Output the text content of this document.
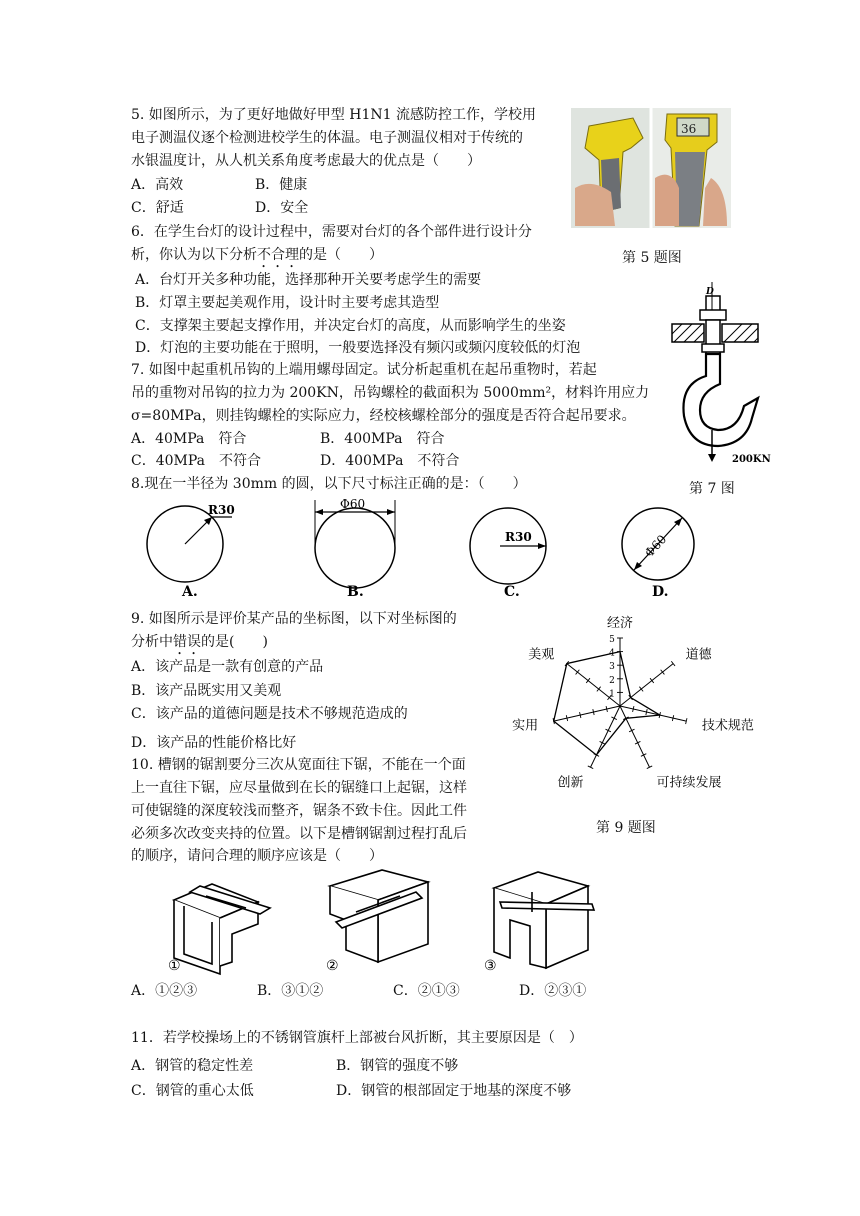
5. 如图所示，为了更好地做好甲型 H1N1 流感防控工作，学校用
电子测温仪逐个检测进校学生的体温。电子测温仪相对于传统的
水银温度计，从人机关系角度考虑最大的优点是（　　）
A．高效	B．健康
C．舒适	D．安全
36
第 5 题图
6．在学生台灯的设计过程中，需要对台灯的各个部件进行设计分
析，你认为以下分析不合理的是（　　）
A．台灯开关多种功能，选择那种开关要考虑学生的需要
B．灯罩主要起美观作用，设计时主要考虑其造型
C．支撑架主要起支撑作用，并决定台灯的高度，从而影响学生的坐姿
D．灯泡的主要功能在于照明，一般要选择没有频闪或频闪度较低的灯泡
7. 如图中起重机吊钩的上端用螺母固定。试分析起重机在起吊重物时，若起
吊的重物对吊钩的拉力为 200KN，吊钩螺栓的截面积为 5000mm²，材料许用应力
σ=80MPa，则挂钩螺栓的实际应力，经校核螺栓部分的强度是否符合起吊要求。
A．40MPa　符合	B．400MPa　符合
C．40MPa　不符合	D．400MPa　不符合
D
200KN
第 7 图
8.现在一半径为 30mm 的圆，以下尺寸标注正确的是：（　　）
R30
A.
Φ60
B.
R30
C.
Φ60
D.
9. 如图所示是评价某产品的坐标图，以下对坐标图的
分析中错误的是(　　)
A．该产品是一款有创意的产品
B．该产品既实用又美观
C．该产品的道德问题是技术不够规范造成的
D．该产品的性能价格比好
经济
道德
技术规范
可持续发展
创新
实用
美观
5
4
3
2
1
第 9 题图
10. 槽钢的锯割要分三次从宽面往下锯，不能在一个面
上一直往下锯，应尽量做到在长的锯缝口上起锯，这样
可使锯缝的深度较浅而整齐，锯条不致卡住。因此工件
必须多次改变夹持的位置。以下是槽钢锯割过程打乱后
的顺序，请问合理的顺序应该是（　　）
①	②	③
A．①②③	B．③①②	C．②①③	D．②③①
11．若学校操场上的不锈钢管旗杆上部被台风折断，其主要原因是（　）
A．钢管的稳定性差	B．钢管的强度不够
C．钢管的重心太低	D．钢管的根部固定于地基的深度不够
